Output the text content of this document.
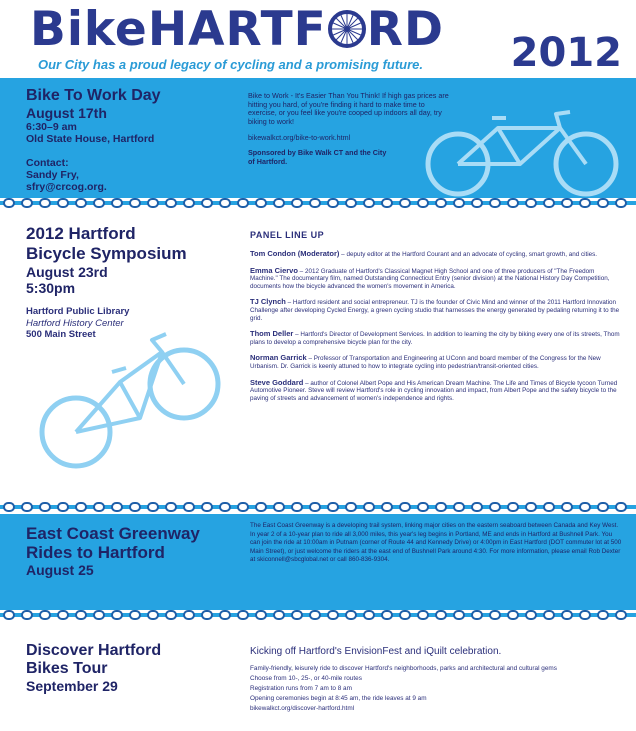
BikeHARTF RD 2012
Our City has a proud legacy of cycling and a promising future.
Bike To Work Day
August 17th
6:30–9 am
Old State House, Hartford
Contact:
Sandy Fry,
sfry@crcog.org.
Bike to Work - It's Easier Than You Think! If high gas prices are hitting you hard, of you're finding it hard to make time to exercise, or you feel like you're cooped up indoors all day, try biking to work!
bikewalkct.org/bike-to-work.html
Sponsored by Bike Walk CT and the City of Hartford.
2012 Hartford
Bicycle Symposium
August 23rd
5:30pm
Hartford Public Library
Hartford History Center
500 Main Street
PANEL LINE UP
Tom Condon (Moderator) – deputy editor at the Hartford Courant and an advocate of cycling, smart growth, and cities.
Emma Ciervo – 2012 Graduate of Hartford's Classical Magnet High School and one of three producers of "The Freedom Machine." The documentary film, named Outstanding Connecticut Entry (senior division) at the National History Day Competition, documents how the bicycle advanced the women's movement in America.
TJ Clynch – Hartford resident and social entrepreneur. TJ is the founder of Civic Mind and winner of the 2011 Hartford Innovation Challenge after developing Cycled Energy, a green cycling studio that harnesses the energy generated by pedaling returning it to the grid.
Thom Deller – Hartford's Director of Development Services. In addition to learning the city by biking every one of its streets, Thom plans to develop a comprehensive bicycle plan for the city.
Norman Garrick – Professor of Transportation and Engineering at UConn and board member of the Congress for the New Urbanism. Dr. Garrick is keenly attuned to how to integrate cycling into pedestrian/transit-oriented cities.
Steve Goddard – author of Colonel Albert Pope and His American Dream Machine. The Life and Times of Bicycle tycoon Turned Automotive Pioneer. Steve will review Hartford's role in cycling innovation and impact, from Albert Pope and the safety bicycle to the paving of streets and advancement of women's independence and rights.
East Coast Greenway
Rides to Hartford
August 25
The East Coast Greenway is a developing trail system, linking major cities on the eastern seaboard between Canada and Key West. In year 2 of a 10-year plan to ride all 3,000 miles, this year's leg begins in Portland, ME and ends in Hartford at Bushnell Park. You can join the ride at 10:00am in Putnam (corner of Route 44 and Kennedy Drive) or 4:00pm in East Hartford (DOT commuter lot at 500 Main Street), or just welcome the riders at the east end of Bushnell Park around 4:30. For more information, please email Rob Dexter at skiconnell@sbcglobal.net or call 860-836-9304.
Discover Hartford
Bikes Tour
September 29
Kicking off Hartford's EnvisionFest and iQuilt celebration.
Family-friendly, leisurely ride to discover Hartford's neighborhoods, parks and architectural and cultural gems
Choose from 10-, 25-, or 40-mile routes
Registration runs from 7 am to 8 am
Opening ceremonies begin at 8:45 am, the ride leaves at 9 am
bikewalkct.org/discover-hartford.html
